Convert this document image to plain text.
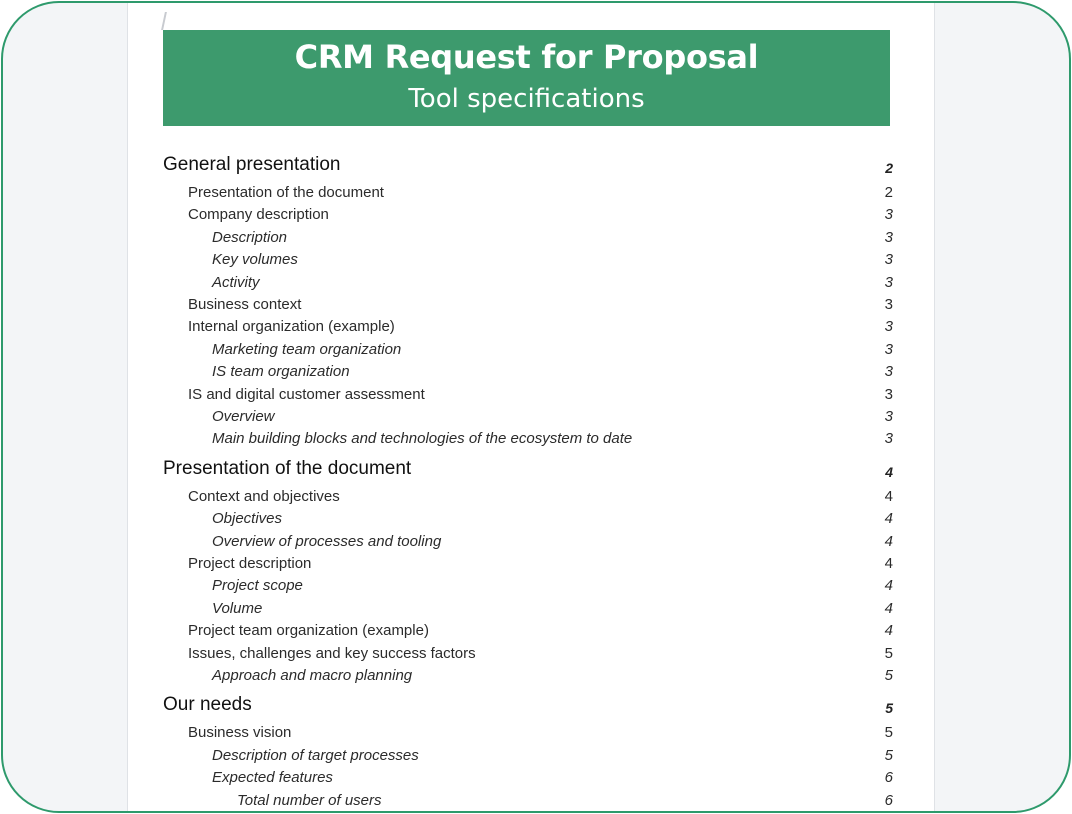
CRM Request for Proposal
Tool specifications
General presentation	2
Presentation of the document	2
Company description	3
Description	3
Key volumes	3
Activity	3
Business context	3
Internal organization (example)	3
Marketing team organization	3
IS team organization	3
IS and digital customer assessment	3
Overview	3
Main building blocks and technologies of the ecosystem to date	3
Presentation of the document	4
Context and objectives	4
Objectives	4
Overview of processes and tooling	4
Project description	4
Project scope	4
Volume	4
Project team organization (example)	4
Issues, challenges and key success factors	5
Approach and macro planning	5
Our needs	5
Business vision	5
Description of target processes	5
Expected features	6
Total number of users	6
